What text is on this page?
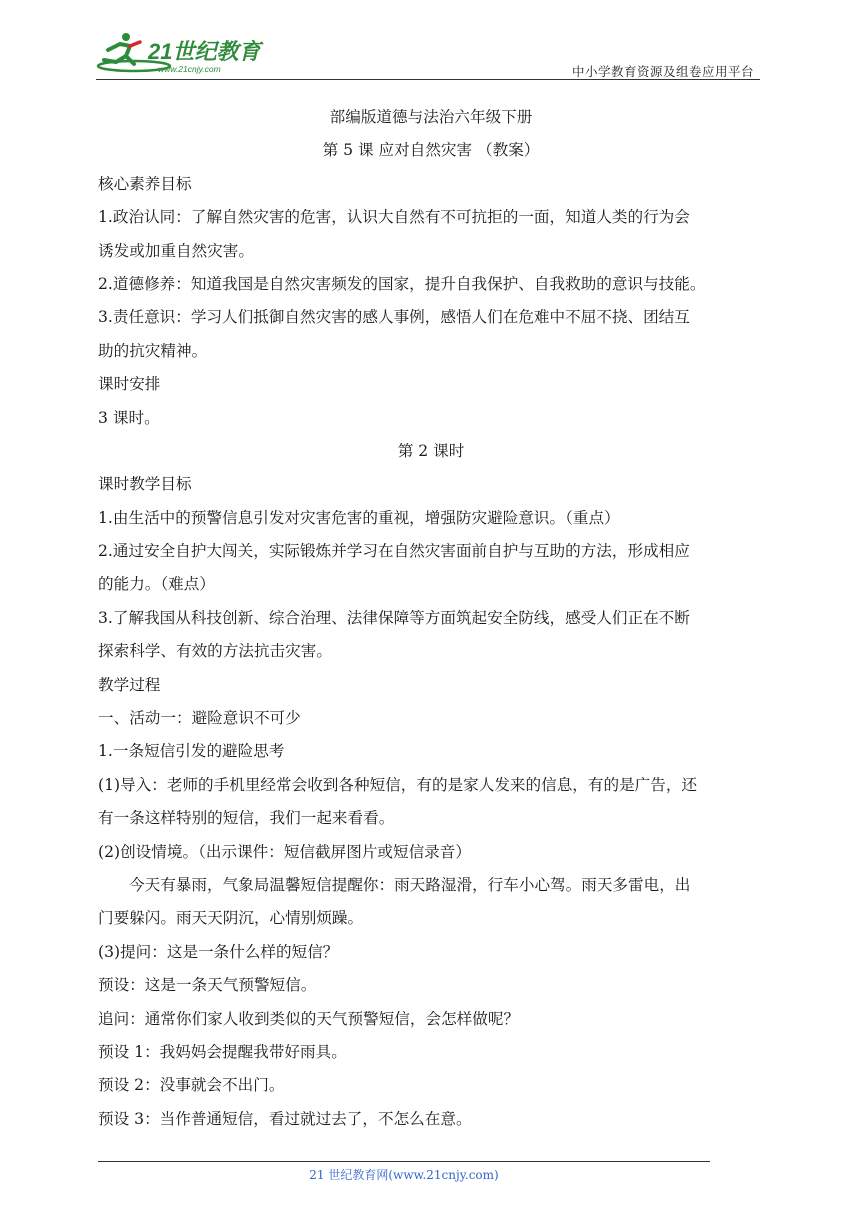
21世纪教育
www.21cnjy.com	中小学教育资源及组卷应用平台
部编版道德与法治六年级下册
第 5 课 应对自然灾害 （教案）
核心素养目标
1.政治认同：了解自然灾害的危害，认识大自然有不可抗拒的一面，知道人类的行为会
诱发或加重自然灾害。
2.道德修养：知道我国是自然灾害频发的国家，提升自我保护、自我救助的意识与技能。
3.责任意识：学习人们抵御自然灾害的感人事例，感悟人们在危难中不屈不挠、团结互
助的抗灾精神。
课时安排
3 课时。
第 2 课时
课时教学目标
1.由生活中的预警信息引发对灾害危害的重视，增强防灾避险意识。（重点）
2.通过安全自护大闯关，实际锻炼并学习在自然灾害面前自护与互助的方法，形成相应
的能力。（难点）
3.了解我国从科技创新、综合治理、法律保障等方面筑起安全防线，感受人们正在不断
探索科学、有效的方法抗击灾害。
教学过程
一、活动一：避险意识不可少
1.一条短信引发的避险思考
(1)导入：老师的手机里经常会收到各种短信，有的是家人发来的信息，有的是广告，还
有一条这样特别的短信，我们一起来看看。
(2)创设情境。（出示课件：短信截屏图片或短信录音）
今天有暴雨，气象局温馨短信提醒你：雨天路湿滑，行车小心驾。雨天多雷电，出
门要躲闪。雨天天阴沉，心情别烦躁。
(3)提问：这是一条什么样的短信？
预设：这是一条天气预警短信。
追问：通常你们家人收到类似的天气预警短信，会怎样做呢？
预设 1：我妈妈会提醒我带好雨具。
预设 2：没事就会不出门。
预设 3：当作普通短信，看过就过去了，不怎么在意。
21 世纪教育网(www.21cnjy.com)
